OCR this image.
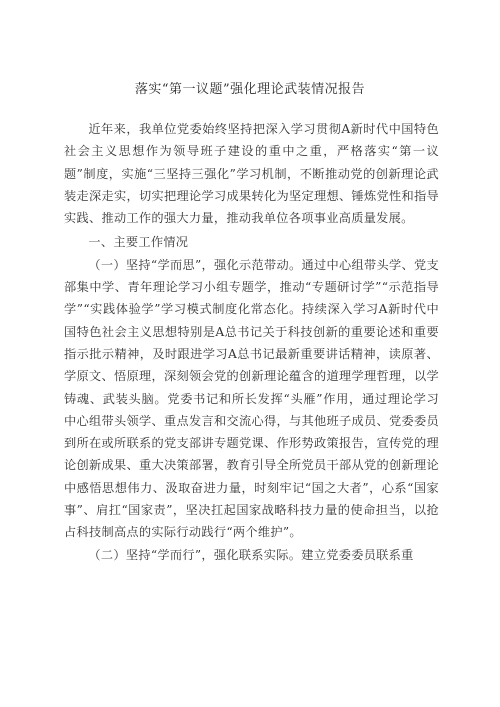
落实“第一议题”强化理论武装情况报告

近年来，我单位党委始终坚持把深入学习贯彻A新时代中国特色社会主义思想作为领导班子建设的重中之重，严格落实“第一议题”制度，实施“三坚持三强化”学习机制，不断推动党的创新理论武装走深走实，切实把理论学习成果转化为坚定理想、锤炼党性和指导实践、推动工作的强大力量，推动我单位各项事业高质量发展。

一、主要工作情况

（一）坚持“学而思”，强化示范带动。通过中心组带头学、党支部集中学、青年理论学习小组专题学，推动“专题研讨学”“示范指导学”“实践体验学”学习模式制度化常态化。持续深入学习A新时代中国特色社会主义思想特别是A总书记关于科技创新的重要论述和重要指示批示精神，及时跟进学习A总书记最新重要讲话精神，读原著、学原文、悟原理，深刻领会党的创新理论蕴含的道理学理哲理，以学铸魂、武装头脑。党委书记和所长发挥“头雁”作用，通过理论学习中心组带头领学、重点发言和交流心得，与其他班子成员、党委委员到所在或所联系的党支部讲专题党课、作形势政策报告，宣传党的理论创新成果、重大决策部署，教育引导全所党员干部从党的创新理论中感悟思想伟力、汲取奋进力量，时刻牢记“国之大者”，心系“国家事”、肩扛“国家责”，坚决扛起国家战略科技力量的使命担当，以抢占科技制高点的实际行动践行“两个维护”。

（二）坚持“学而行”，强化联系实际。建立党委委员联系重
